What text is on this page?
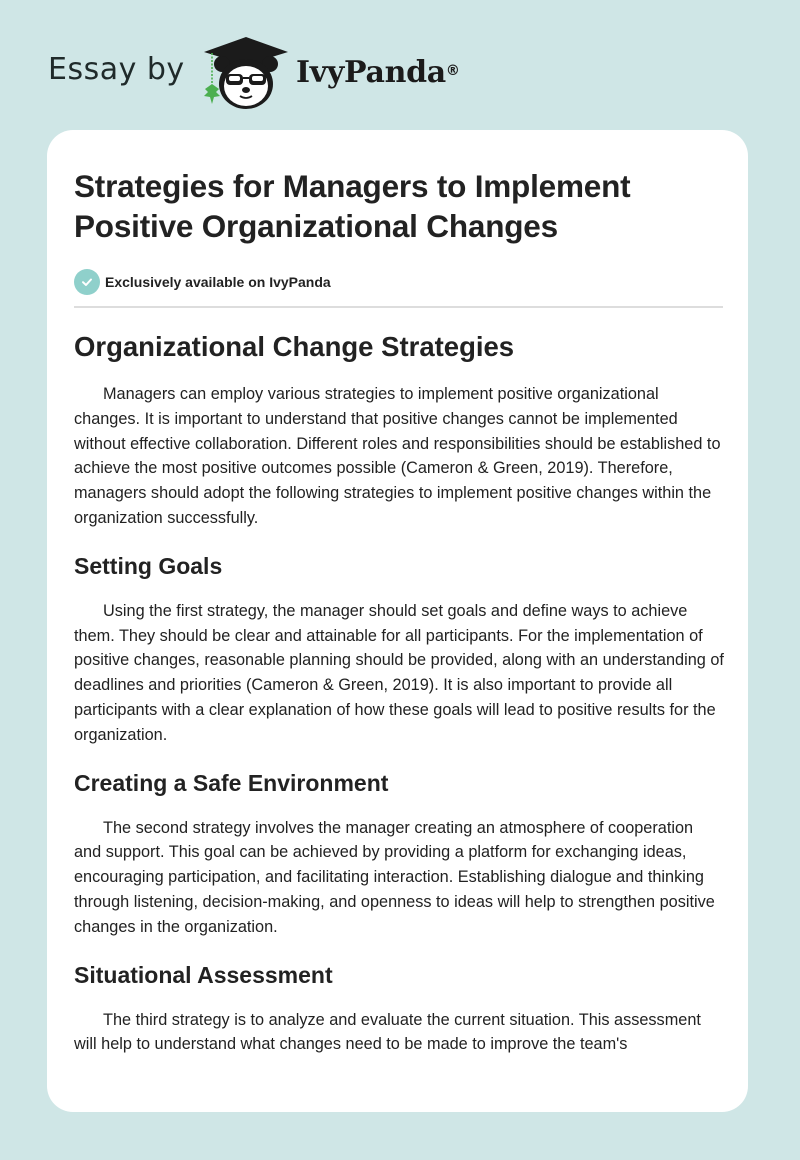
Essay by	IvyPanda®
Strategies for Managers to Implement Positive Organizational Changes
Exclusively available on IvyPanda
Organizational Change Strategies

Managers can employ various strategies to implement positive organizational changes. It is important to understand that positive changes cannot be implemented without effective collaboration. Different roles and responsibilities should be established to achieve the most positive outcomes possible (Cameron & Green, 2019). Therefore, managers should adopt the following strategies to implement positive changes within the organization successfully.

Setting Goals

Using the first strategy, the manager should set goals and define ways to achieve them. They should be clear and attainable for all participants. For the implementation of positive changes, reasonable planning should be provided, along with an understanding of deadlines and priorities (Cameron & Green, 2019). It is also important to provide all participants with a clear explanation of how these goals will lead to positive results for the organization.

Creating a Safe Environment

The second strategy involves the manager creating an atmosphere of cooperation and support. This goal can be achieved by providing a platform for exchanging ideas, encouraging participation, and facilitating interaction. Establishing dialogue and thinking through listening, decision-making, and openness to ideas will help to strengthen positive changes in the organization.

Situational Assessment

The third strategy is to analyze and evaluate the current situation. This assessment will help to understand what changes need to be made to improve the team's
